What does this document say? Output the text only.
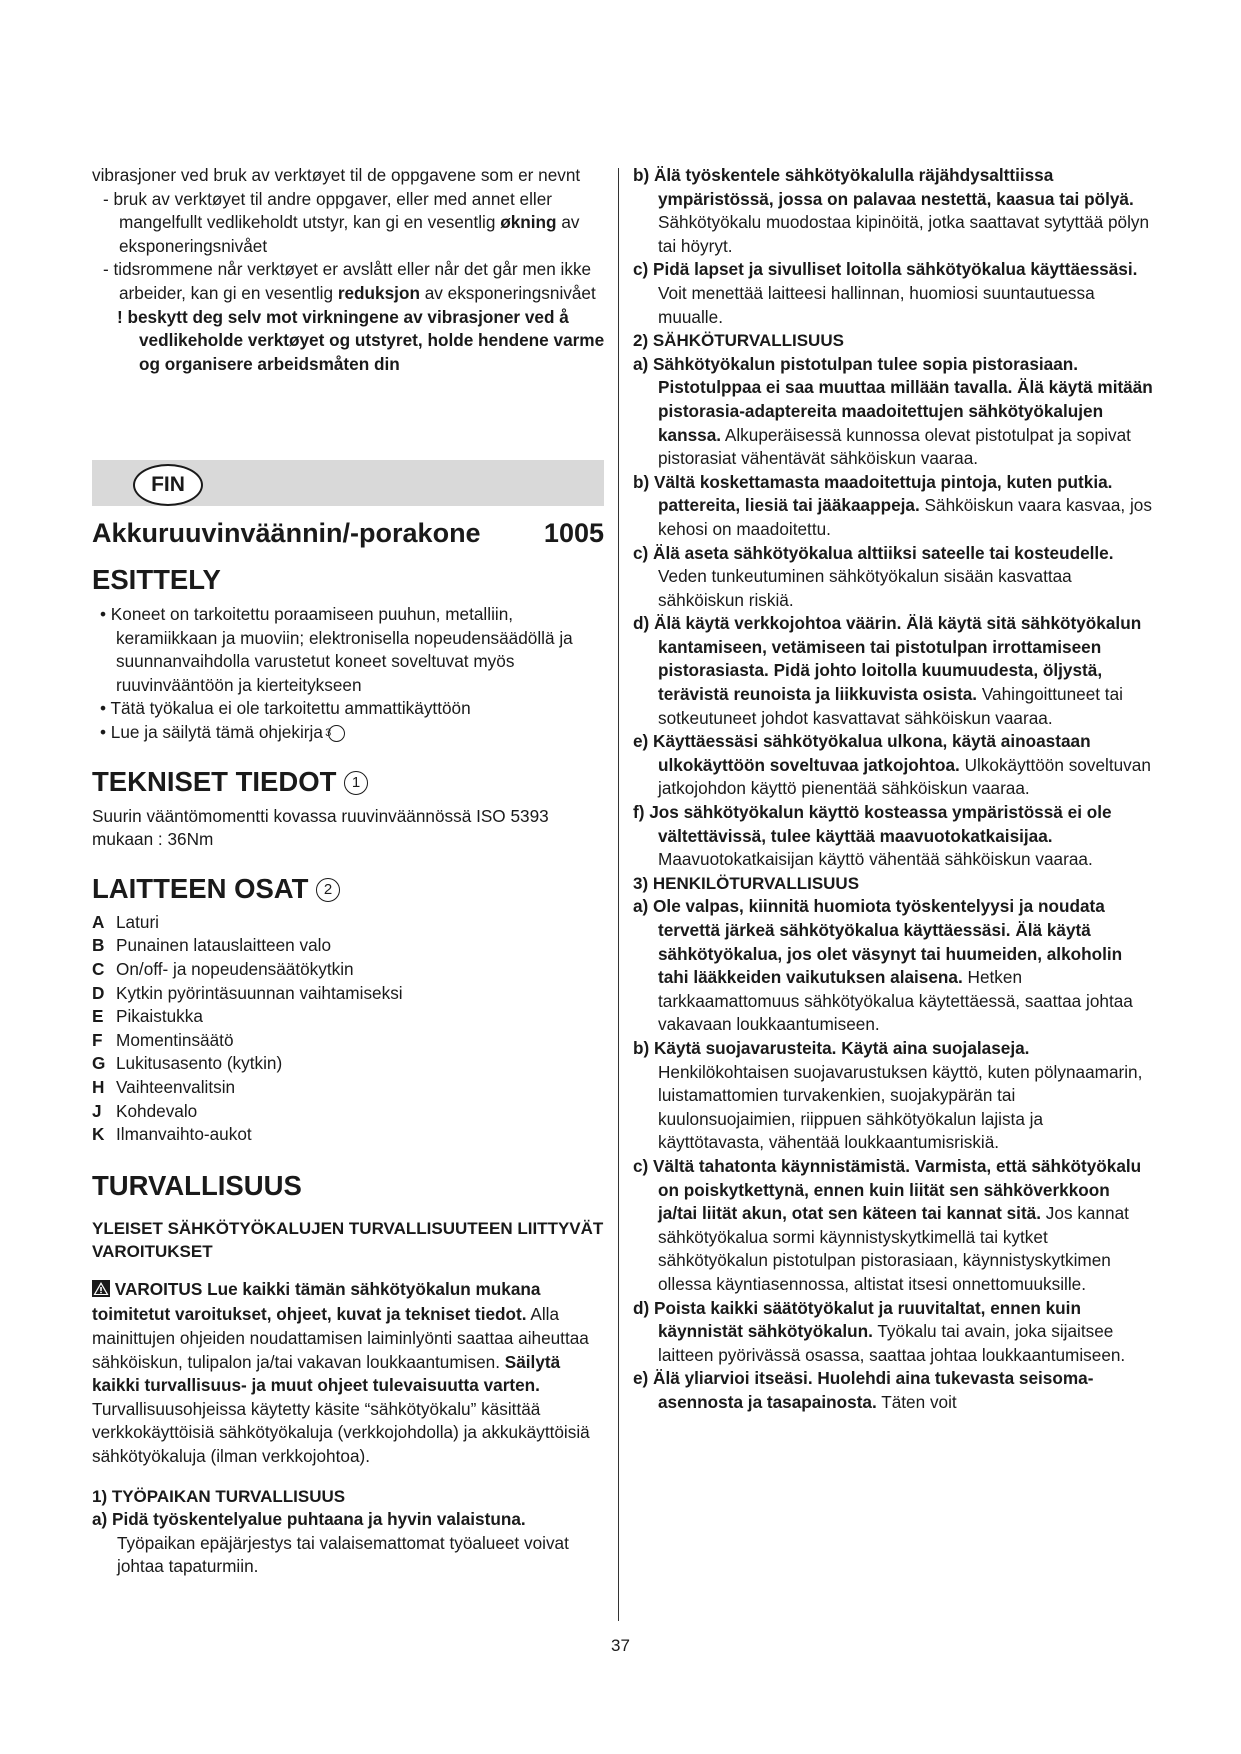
vibrasjoner ved bruk av verktøyet til de oppgavene som er nevnt

- bruk av verktøyet til andre oppgaver, eller med annet eller mangelfullt vedlikeholdt utstyr, kan gi en vesentlig økning av eksponeringsnivået

- tidsrommene når verktøyet er avslått eller når det går men ikke arbeider, kan gi en vesentlig reduksjon av eksponeringsnivået

! beskytt deg selv mot virkningene av vibrasjoner ved å vedlikeholde verktøyet og utstyret, holde hendene varme og organisere arbeidsmåten din

FIN
Akkuruuvinväännin/-porakone 1005

ESITTELY

• Koneet on tarkoitettu poraamiseen puuhun, metalliin, keramiikkaan ja muoviin; elektronisella nopeudensäädöllä ja suunnanvaihdolla varustetut koneet soveltuvat myös ruuvinvääntöön ja kierteitykseen

• Tätä työkalua ei ole tarkoitettu ammattikäyttöön

• Lue ja säilytä tämä ohjekirja 3

TEKNISET TIEDOT 1

Suurin vääntömomentti kovassa ruuvinväännössä ISO 5393 mukaan : 36Nm

LAITTEEN OSAT 2

A Laturi
B Punainen latauslaitteen valo
C On/off- ja nopeudensäätökytkin
D Kytkin pyörintäsuunnan vaihtamiseksi
E Pikaistukka
F Momentinsäätö
G Lukitusasento (kytkin)
H Vaihteenvalitsin
J Kohdevalo
K Ilmanvaihto-aukot

TURVALLISUUS

YLEISET SÄHKÖTYÖKALUJEN TURVALLISUUTEEN LIITTYVÄT VAROITUKSET

VAROITUS Lue kaikki tämän sähkötyökalun mukana toimitetut varoitukset, ohjeet, kuvat ja tekniset tiedot. Alla mainittujen ohjeiden noudattamisen laiminlyönti saattaa aiheuttaa sähköiskun, tulipalon ja/tai vakavan loukkaantumisen. Säilytä kaikki turvallisuus- ja muut ohjeet tulevaisuutta varten. Turvallisuusohjeissa käytetty käsite “sähkötyökalu” käsittää verkkokäyttöisiä sähkötyökaluja (verkkojohdolla) ja akkukäyttöisiä sähkötyökaluja (ilman verkkojohtoa).

1) TYÖPAIKAN TURVALLISUUS

a) Pidä työskentelyalue puhtaana ja hyvin valaistuna.
Työpaikan epäjärjestys tai valaisemattomat työalueet voivat johtaa tapaturmiin.

b) Älä työskentele sähkötyökalulla räjähdysalttiissa ympäristössä, jossa on palavaa nestettä, kaasua tai pölyä. Sähkötyökalu muodostaa kipinöitä, jotka saattavat sytyttää pölyn tai höyryt.

c) Pidä lapset ja sivulliset loitolla sähkötyökalua käyttäessäsi. Voit menettää laitteesi hallinnan, huomiosi suuntautuessa muualle.

2) SÄHKÖTURVALLISUUS

a) Sähkötyökalun pistotulpan tulee sopia pistorasiaan. Pistotulppaa ei saa muuttaa millään tavalla. Älä käytä mitään pistorasia-adaptereita maadoitettujen sähkötyökalujen kanssa. Alkuperäisessä kunnossa olevat pistotulpat ja sopivat pistorasiat vähentävät sähköiskun vaaraa.

b) Vältä koskettamasta maadoitettuja pintoja, kuten putkia. pattereita, liesiä tai jääkaappeja. Sähköiskun vaara kasvaa, jos kehosi on maadoitettu.

c) Älä aseta sähkötyökalua alttiiksi sateelle tai kosteudelle. Veden tunkeutuminen sähkötyökalun sisään kasvattaa sähköiskun riskiä.

d) Älä käytä verkkojohtoa väärin. Älä käytä sitä sähkötyökalun kantamiseen, vetämiseen tai pistotulpan irrottamiseen pistorasiasta. Pidä johto loitolla kuumuudesta, öljystä, terävistä reunoista ja liikkuvista osista. Vahingoittuneet tai sotkeutuneet johdot kasvattavat sähköiskun vaaraa.

e) Käyttäessäsi sähkötyökalua ulkona, käytä ainoastaan ulkokäyttöön soveltuvaa jatkojohtoa. Ulkokäyttöön soveltuvan jatkojohdon käyttö pienentää sähköiskun vaaraa.

f) Jos sähkötyökalun käyttö kosteassa ympäristössä ei ole vältettävissä, tulee käyttää maavuotokatkaisijaa. Maavuotokatkaisijan käyttö vähentää sähköiskun vaaraa.

3) HENKILÖTURVALLISUUS

a) Ole valpas, kiinnitä huomiota työskentelyysi ja noudata tervettä järkeä sähkötyökalua käyttäessäsi. Älä käytä sähkötyökalua, jos olet väsynyt tai huumeiden, alkoholin tahi lääkkeiden vaikutuksen alaisena. Hetken tarkkaamattomuus sähkötyökalua käytettäessä, saattaa johtaa vakavaan loukkaantumiseen.

b) Käytä suojavarusteita. Käytä aina suojalaseja. Henkilökohtaisen suojavarustuksen käyttö, kuten pölynaamarin, luistamattomien turvakenkien, suojakypärän tai kuulonsuojaimien, riippuen sähkötyökalun lajista ja käyttötavasta, vähentää loukkaantumisriskiä.

c) Vältä tahatonta käynnistämistä. Varmista, että sähkötyökalu on poiskytkettynä, ennen kuin liität sen sähköverkkoon ja/tai liität akun, otat sen käteen tai kannat sitä. Jos kannat sähkötyökalua sormi käynnistyskytkimellä tai kytket sähkötyökalun pistotulpan pistorasiaan, käynnistyskytkimen ollessa käyntiasennossa, altistat itsesi onnettomuuksille.

d) Poista kaikki säätötyökalut ja ruuvitaltat, ennen kuin käynnistät sähkötyökalun. Työkalu tai avain, joka sijaitsee laitteen pyörivässä osassa, saattaa johtaa loukkaantumiseen.

e) Älä yliarvioi itseäsi. Huolehdi aina tukevasta seisoma-asennosta ja tasapainosta. Täten voit

37
